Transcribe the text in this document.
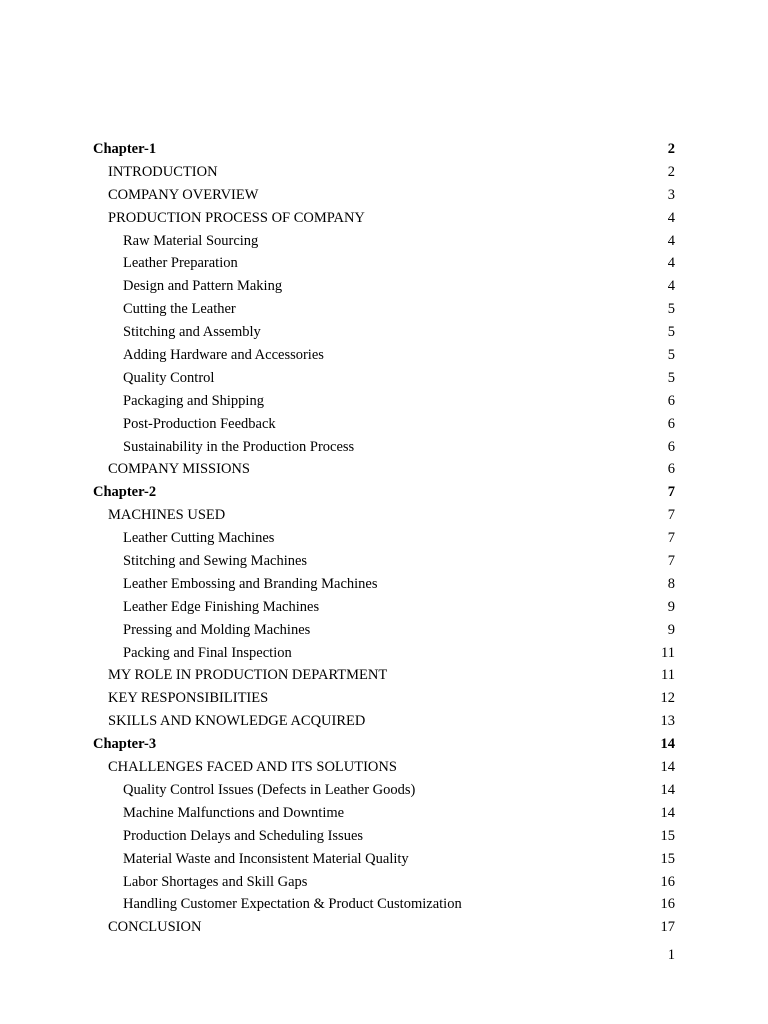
Chapter-1	2
INTRODUCTION	2
COMPANY OVERVIEW	3
PRODUCTION PROCESS OF COMPANY	4
Raw Material Sourcing	4
Leather Preparation	4
Design and Pattern Making	4
Cutting the Leather	5
Stitching and Assembly	5
Adding Hardware and Accessories	5
Quality Control	5
Packaging and Shipping	6
Post-Production Feedback	6
Sustainability in the Production Process	6
COMPANY MISSIONS	6
Chapter-2	7
MACHINES USED	7
Leather Cutting Machines	7
Stitching and Sewing Machines	7
Leather Embossing and Branding Machines	8
Leather Edge Finishing Machines	9
Pressing and Molding Machines	9
Packing and Final Inspection	11
MY ROLE IN PRODUCTION DEPARTMENT	11
KEY RESPONSIBILITIES	12
SKILLS AND KNOWLEDGE ACQUIRED	13
Chapter-3	14
CHALLENGES FACED AND ITS SOLUTIONS	14
Quality Control Issues (Defects in Leather Goods)	14
Machine Malfunctions and Downtime	14
Production Delays and Scheduling Issues	15
Material Waste and Inconsistent Material Quality	15
Labor Shortages and Skill Gaps	16
Handling Customer Expectation & Product Customization	16
CONCLUSION	17
1
